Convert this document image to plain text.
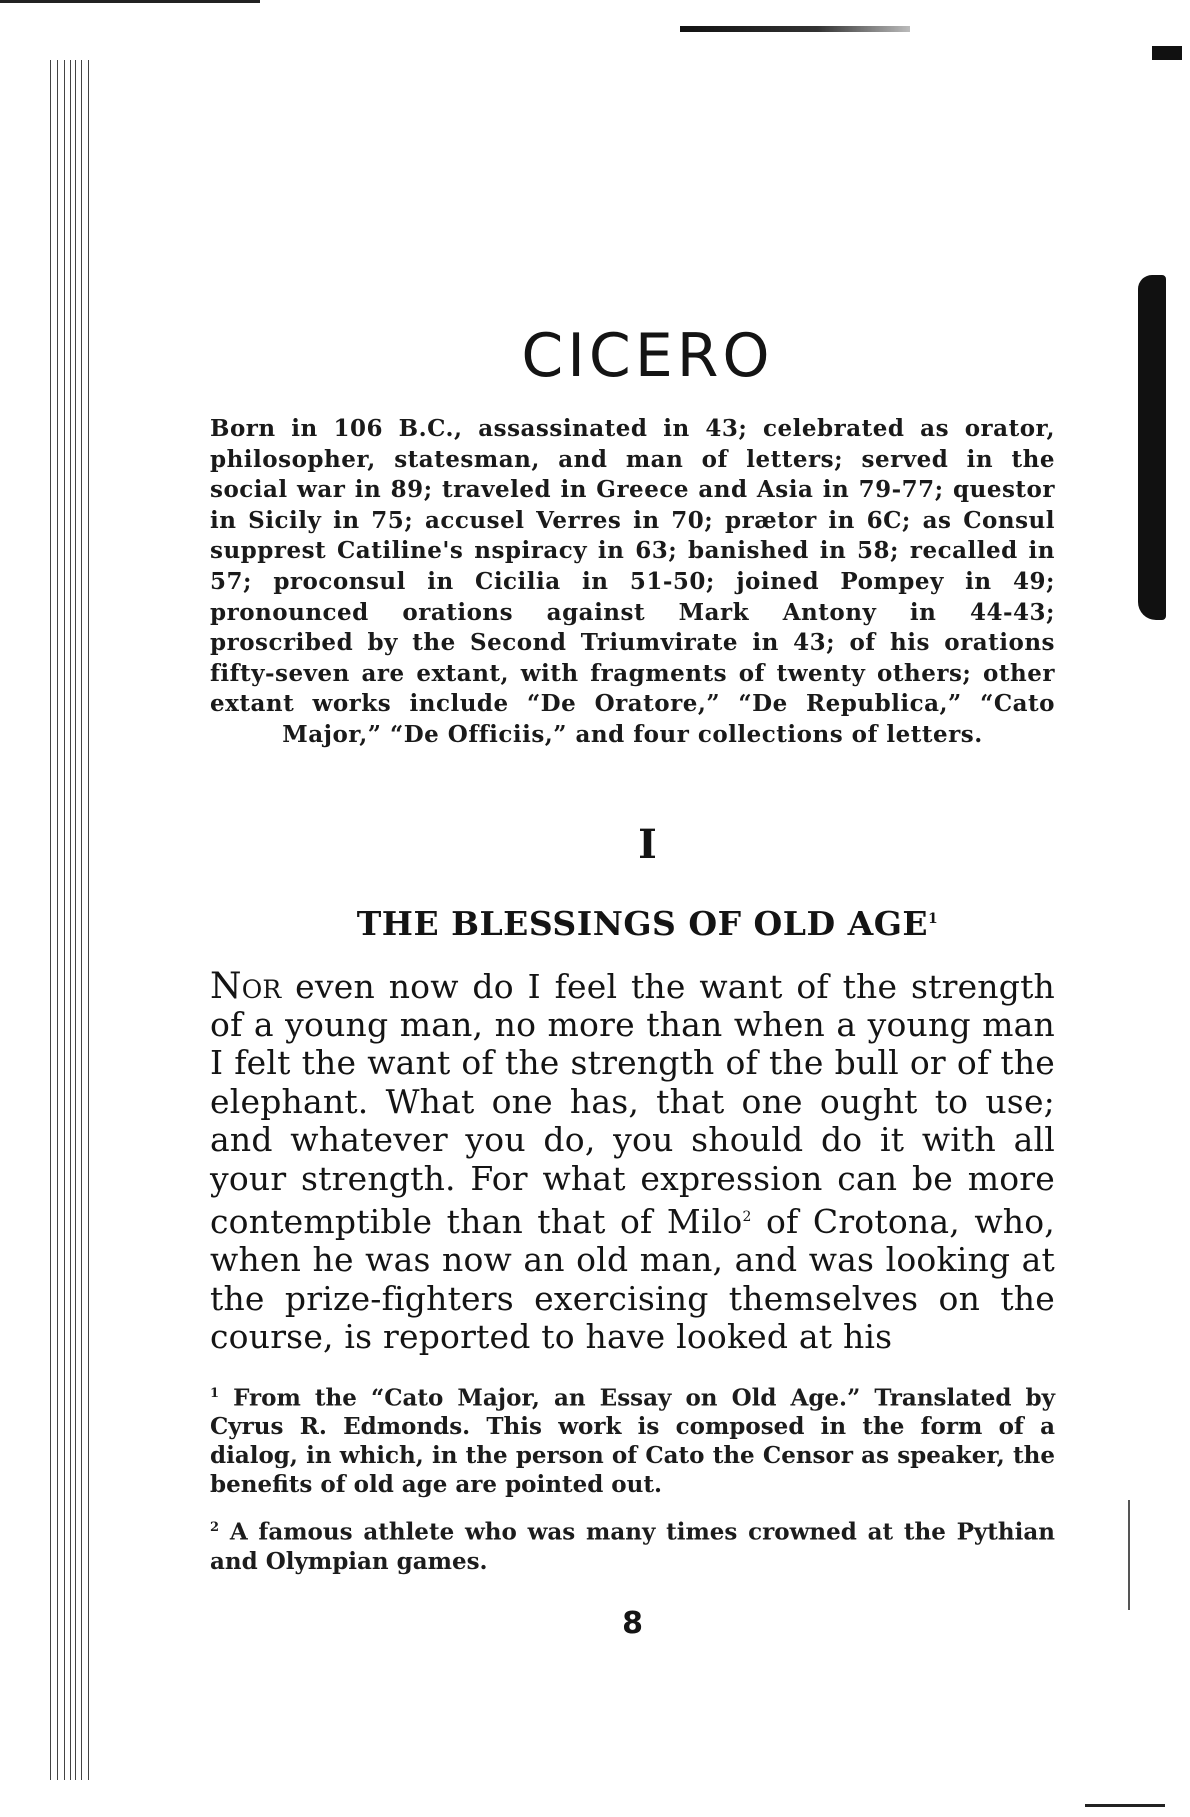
CICERO

Born in 106 B.C., assassinated in 43; celebrated as orator, philosopher, statesman, and man of letters; served in the social war in 89; traveled in Greece and Asia in 79-77; questor in Sicily in 75; accusel Verres in 70; prætor in 6C; as Consul supprest Catiline's nspiracy in 63; banished in 58; recalled in 57; proconsul in Cicilia in 51-50; joined Pompey in 49; pronounced orations against Mark Antony in 44-43; proscribed by the Second Triumvirate in 43; of his orations fifty-seven are extant, with fragments of twenty others; other extant works include “De Oratore,” “De Republica,” “Cato Major,” “De Officiis,” and four collections of letters.

I
THE BLESSINGS OF OLD AGE$^1$

Nor even now do I feel the want of the strength of a young man, no more than when a young man I felt the want of the strength of the bull or of the elephant. What one has, that one ought to use; and whatever you do, you should do it with all your strength. For what expression can be more contemptible than that of Milo$^2$ of Crotona, who, when he was now an old man, and was looking at the prize-fighters exercising themselves on the course, is reported to have looked at his

$^1$ From the “Cato Major, an Essay on Old Age.” Translated by Cyrus R. Edmonds. This work is composed in the form of a dialog, in which, in the person of Cato the Censor as speaker, the benefits of old age are pointed out.

$^2$ A famous athlete who was many times crowned at the Pythian and Olympian games.

8
